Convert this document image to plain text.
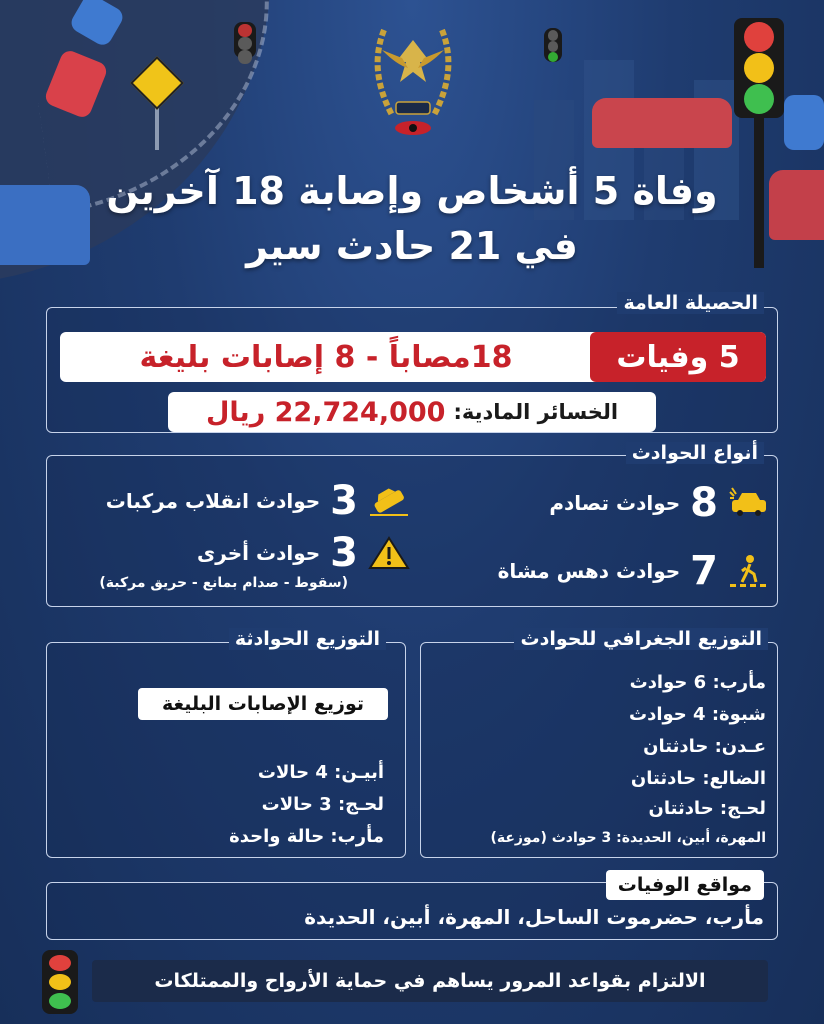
وفاة 5 أشخاص وإصابة 18 آخرين
في 21 حادث سير
الحصيلة العامة
5 وفيات
18مصاباً - 8 إصابات بليغة
الخسائر المادية:
22,724,000 ريال
أنواع الحوادث
8
حوادث تصادم
3
حوادث انقلاب مركبات
7
حوادث دهس مشاة
3
حوادث أخرى
(سقوط - صدام بمانع - حريق مركبة)
التوزيع الجغرافي للحوادث
مأرب: 6 حوادث
شبوة: 4 حوادث
عـدن: حادثتان
الضالع: حادثتان
لحـج: حادثتان
المهرة، أبين، الحديدة: 3 حوادث (موزعة)
التوزيع الحوادثة
توزيع الإصابات البليغة
أبيـن: 4 حالات
لحـج: 3 حالات
مأرب: حالة واحدة
مواقع الوفيات
مأرب، حضرموت الساحل، المهرة، أبين، الحديدة
الالتزام بقواعد المرور يساهم في حماية الأرواح والممتلكات
